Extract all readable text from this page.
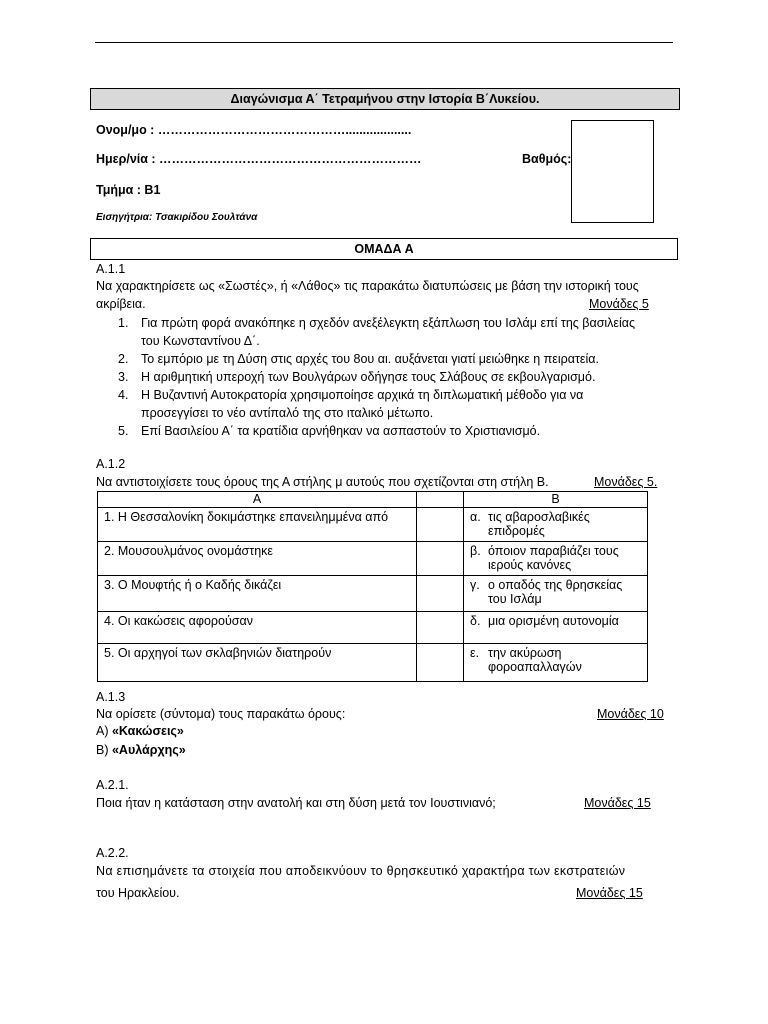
Διαγώνισμα Α΄ Τετραμήνου στην Ιστορία Β΄Λυκείου.
Ονομ/μο : ………………………………………...................
Ημερ/νία : ………………………………………………………	Βαθμός:
Τμήμα : Β1
Εισηγήτρια: Τσακιρίδου Σουλτάνα
ΟΜΑΔΑ Α
Α.1.1
Να χαρακτηρίσετε ως «Σωστές», ή «Λάθος» τις παρακάτω διατυπώσεις με βάση την ιστορική τους
ακρίβεια.	Μονάδες 5
1. Για πρώτη φορά ανακόπηκε η σχεδόν ανεξέλεγκτη εξάπλωση του Ισλάμ επί της βασιλείας
του Κωνσταντίνου Δ΄.
2. Το εμπόριο με τη Δύση στις αρχές του 8ου αι. αυξάνεται γιατί μειώθηκε η πειρατεία.
3. Η αριθμητική υπεροχή των Βουλγάρων οδήγησε τους Σλάβους σε εκβουλγαρισμό.
4. Η Βυζαντινή Αυτοκρατορία χρησιμοποίησε αρχικά τη διπλωματική μέθοδο για να
προσεγγίσει το νέο αντίπαλό της στο ιταλικό μέτωπο.
5. Επί Βασιλείου Α΄ τα κρατίδια αρνήθηκαν να ασπαστούν το Χριστιανισμό.
Α.1.2
Να αντιστοιχίσετε τους όρους της Α στήλης μ αυτούς που σχετίζονται στη στήλη Β.	Μονάδες 5.
Α		Β
1. Η Θεσσαλονίκη δοκιμάστηκε επανειλημμένα από		α. τις αβαροσλαβικές επιδρομές
2. Μουσουλμάνος ονομάστηκε		β. όποιον παραβιάζει τους ιερούς κανόνες
3. Ο Μουφτής ή ο Καδής δικάζει		γ. ο οπαδός της θρησκείας του Ισλάμ
4. Οι κακώσεις αφορούσαν		δ. μια ορισμένη αυτονομία
5. Οι αρχηγοί των σκλαβηνιών διατηρούν		ε. την ακύρωση φοροαπαλλαγών
Α.1.3
Να ορίσετε (σύντομα) τους παρακάτω όρους:	Μονάδες 10
Α) «Κακώσεις»
Β) «Αυλάρχης»
Α.2.1.
Ποια ήταν η κατάσταση στην ανατολή και στη δύση μετά τον Ιουστινιανό;	Μονάδες 15
Α.2.2.
Να επισημάνετε τα στοιχεία που αποδεικνύουν το θρησκευτικό χαρακτήρα των εκστρατειών
του Ηρακλείου.	Μονάδες 15
